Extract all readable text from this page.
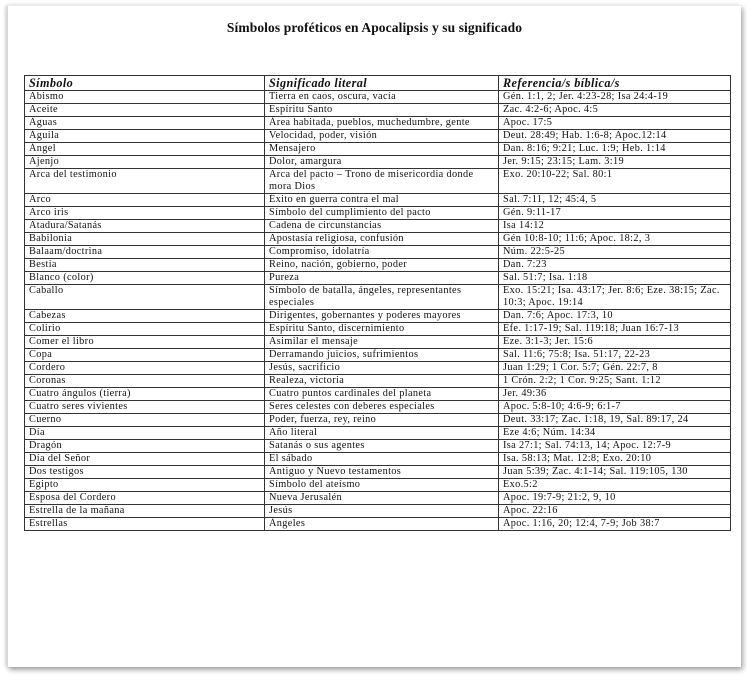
Símbolos proféticos en Apocalipsis y su significado
Símbolo	Significado literal	Referencia/s bíblica/s
Abismo	Tierra en caos, oscura, vacía	Gén. 1:1, 2; Jer. 4:23-28; Isa 24:4-19
Aceite	Espíritu Santo	Zac. 4:2-6; Apoc. 4:5
Aguas	Área habitada, pueblos, muchedumbre, gente	Apoc. 17:5
Águila	Velocidad, poder, visión	Deut. 28:49; Hab. 1:6-8; Apoc.12:14
Ángel	Mensajero	Dan. 8:16; 9:21; Luc. 1:9; Heb. 1:14
Ajenjo	Dolor, amargura	Jer. 9:15; 23:15; Lam. 3:19
Arca del testimonio	Arca del pacto – Trono de misericordia donde mora Dios	Exo. 20:10-22; Sal. 80:1
Arco	Éxito en guerra contra el mal	Sal. 7:11, 12; 45:4, 5
Arco iris	Símbolo del cumplimiento del pacto	Gén. 9:11-17
Atadura/Satanás	Cadena de circunstancias	Isa 14:12
Babilonia	Apostasía religiosa, confusión	Gén 10:8-10; 11:6; Apoc. 18:2, 3
Balaam/doctrina	Compromiso, idolatría	Núm. 22:5-25
Bestia	Reino, nación, gobierno, poder	Dan. 7:23
Blanco (color)	Pureza	Sal. 51:7; Isa. 1:18
Caballo	Símbolo de batalla, ángeles, representantes especiales	Exo. 15:21; Isa. 43:17; Jer. 8:6; Eze. 38:15; Zac. 10:3; Apoc. 19:14
Cabezas	Dirigentes, gobernantes y poderes mayores	Dan. 7:6; Apoc. 17:3, 10
Colirio	Espíritu Santo, discernimiento	Efe. 1:17-19; Sal. 119:18; Juan 16:7-13
Comer el libro	Asimilar el mensaje	Eze. 3:1-3; Jer. 15:6
Copa	Derramando juicios, sufrimientos	Sal. 11:6; 75:8; Isa. 51:17, 22-23
Cordero	Jesús, sacrificio	Juan 1:29; 1 Cor. 5:7; Gén. 22:7, 8
Coronas	Realeza, victoria	1 Crón. 2:2; 1 Cor. 9:25; Sant. 1:12
Cuatro ángulos (tierra)	Cuatro puntos cardinales del planeta	Jer. 49:36
Cuatro seres vivientes	Seres celestes con deberes especiales	Apoc. 5:8-10; 4:6-9; 6:1-7
Cuerno	Poder, fuerza, rey, reino	Deut. 33:17; Zac. 1:18, 19, Sal. 89:17, 24
Día	Año literal	Eze 4:6; Núm. 14:34
Dragón	Satanás o sus agentes	Isa 27:1; Sal. 74:13, 14; Apoc. 12:7-9
Día del Señor	El sábado	Isa. 58:13; Mat. 12:8; Exo. 20:10
Dos testigos	Antiguo y Nuevo testamentos	Juan 5:39; Zac. 4:1-14; Sal. 119:105, 130
Egipto	Símbolo del ateísmo	Exo.5:2
Esposa del Cordero	Nueva Jerusalén	Apoc. 19:7-9; 21:2, 9, 10
Estrella de la mañana	Jesús	Apoc. 22:16
Estrellas	Ángeles	Apoc. 1:16, 20; 12:4, 7-9; Job 38:7
